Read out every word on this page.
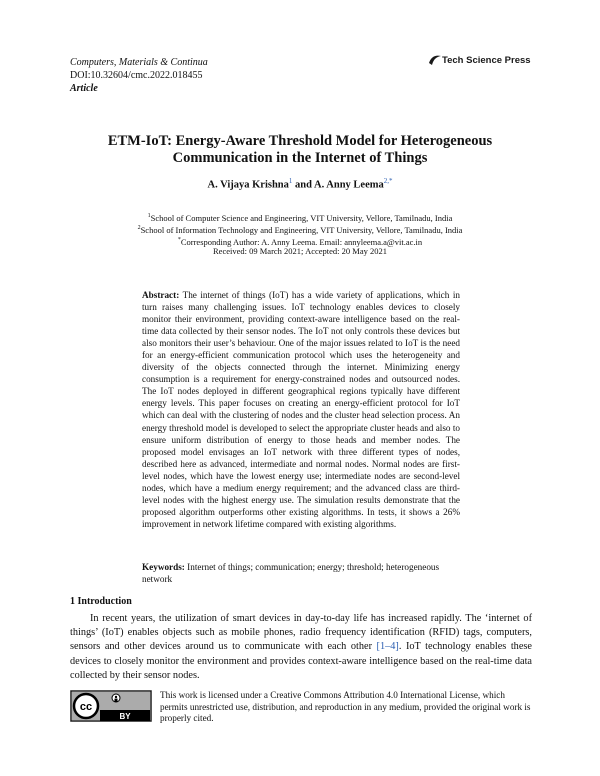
Computers, Materials & Continua
DOI:10.32604/cmc.2022.018455
Article
Tech Science Press
ETM-IoT: Energy-Aware Threshold Model for Heterogeneous Communication in the Internet of Things
A. Vijaya Krishna$^1$ and A. Anny Leema$^{2,*}$
$^1$School of Computer Science and Engineering, VIT University, Vellore, Tamilnadu, India
$^2$School of Information Technology and Engineering, VIT University, Vellore, Tamilnadu, India
*Corresponding Author: A. Anny Leema. Email: annyleema.a@vit.ac.in
Received: 09 March 2021; Accepted: 20 May 2021
Abstract: The internet of things (IoT) has a wide variety of applications, which in turn raises many challenging issues. IoT technology enables devices to closely monitor their environment, providing context-aware intelligence based on the real-time data collected by their sensor nodes. The IoT not only controls these devices but also monitors their user’s behaviour. One of the major issues related to IoT is the need for an energy-efficient communication protocol which uses the heterogeneity and diversity of the objects connected through the internet. Minimizing energy consumption is a requirement for energy-constrained nodes and outsourced nodes. The IoT nodes deployed in different geographical regions typically have different energy levels. This paper focuses on creating an energy-efficient protocol for IoT which can deal with the clustering of nodes and the cluster head selection process. An energy threshold model is developed to select the appropriate cluster heads and also to ensure uniform distribution of energy to those heads and member nodes. The proposed model envisages an IoT network with three different types of nodes, described here as advanced, intermediate and normal nodes. Normal nodes are first-level nodes, which have the lowest energy use; intermediate nodes are second-level nodes, which have a medium energy requirement; and the advanced class are third-level nodes with the highest energy use. The simulation results demonstrate that the proposed algorithm outperforms other existing algorithms. In tests, it shows a 26% improvement in network lifetime compared with existing algorithms.
Keywords: Internet of things; communication; energy; threshold; heterogeneous network
1 Introduction
In recent years, the utilization of smart devices in day-to-day life has increased rapidly. The ‘internet of things’ (IoT) enables objects such as mobile phones, radio frequency identification (RFID) tags, computers, sensors and other devices around us to communicate with each other [1–4]. IoT technology enables these devices to closely monitor the environment and provides context-aware intelligence based on the real-time data collected by their sensor nodes.
cc
BY
This work is licensed under a Creative Commons Attribution 4.0 International License, which permits unrestricted use, distribution, and reproduction in any medium, provided the original work is properly cited.
